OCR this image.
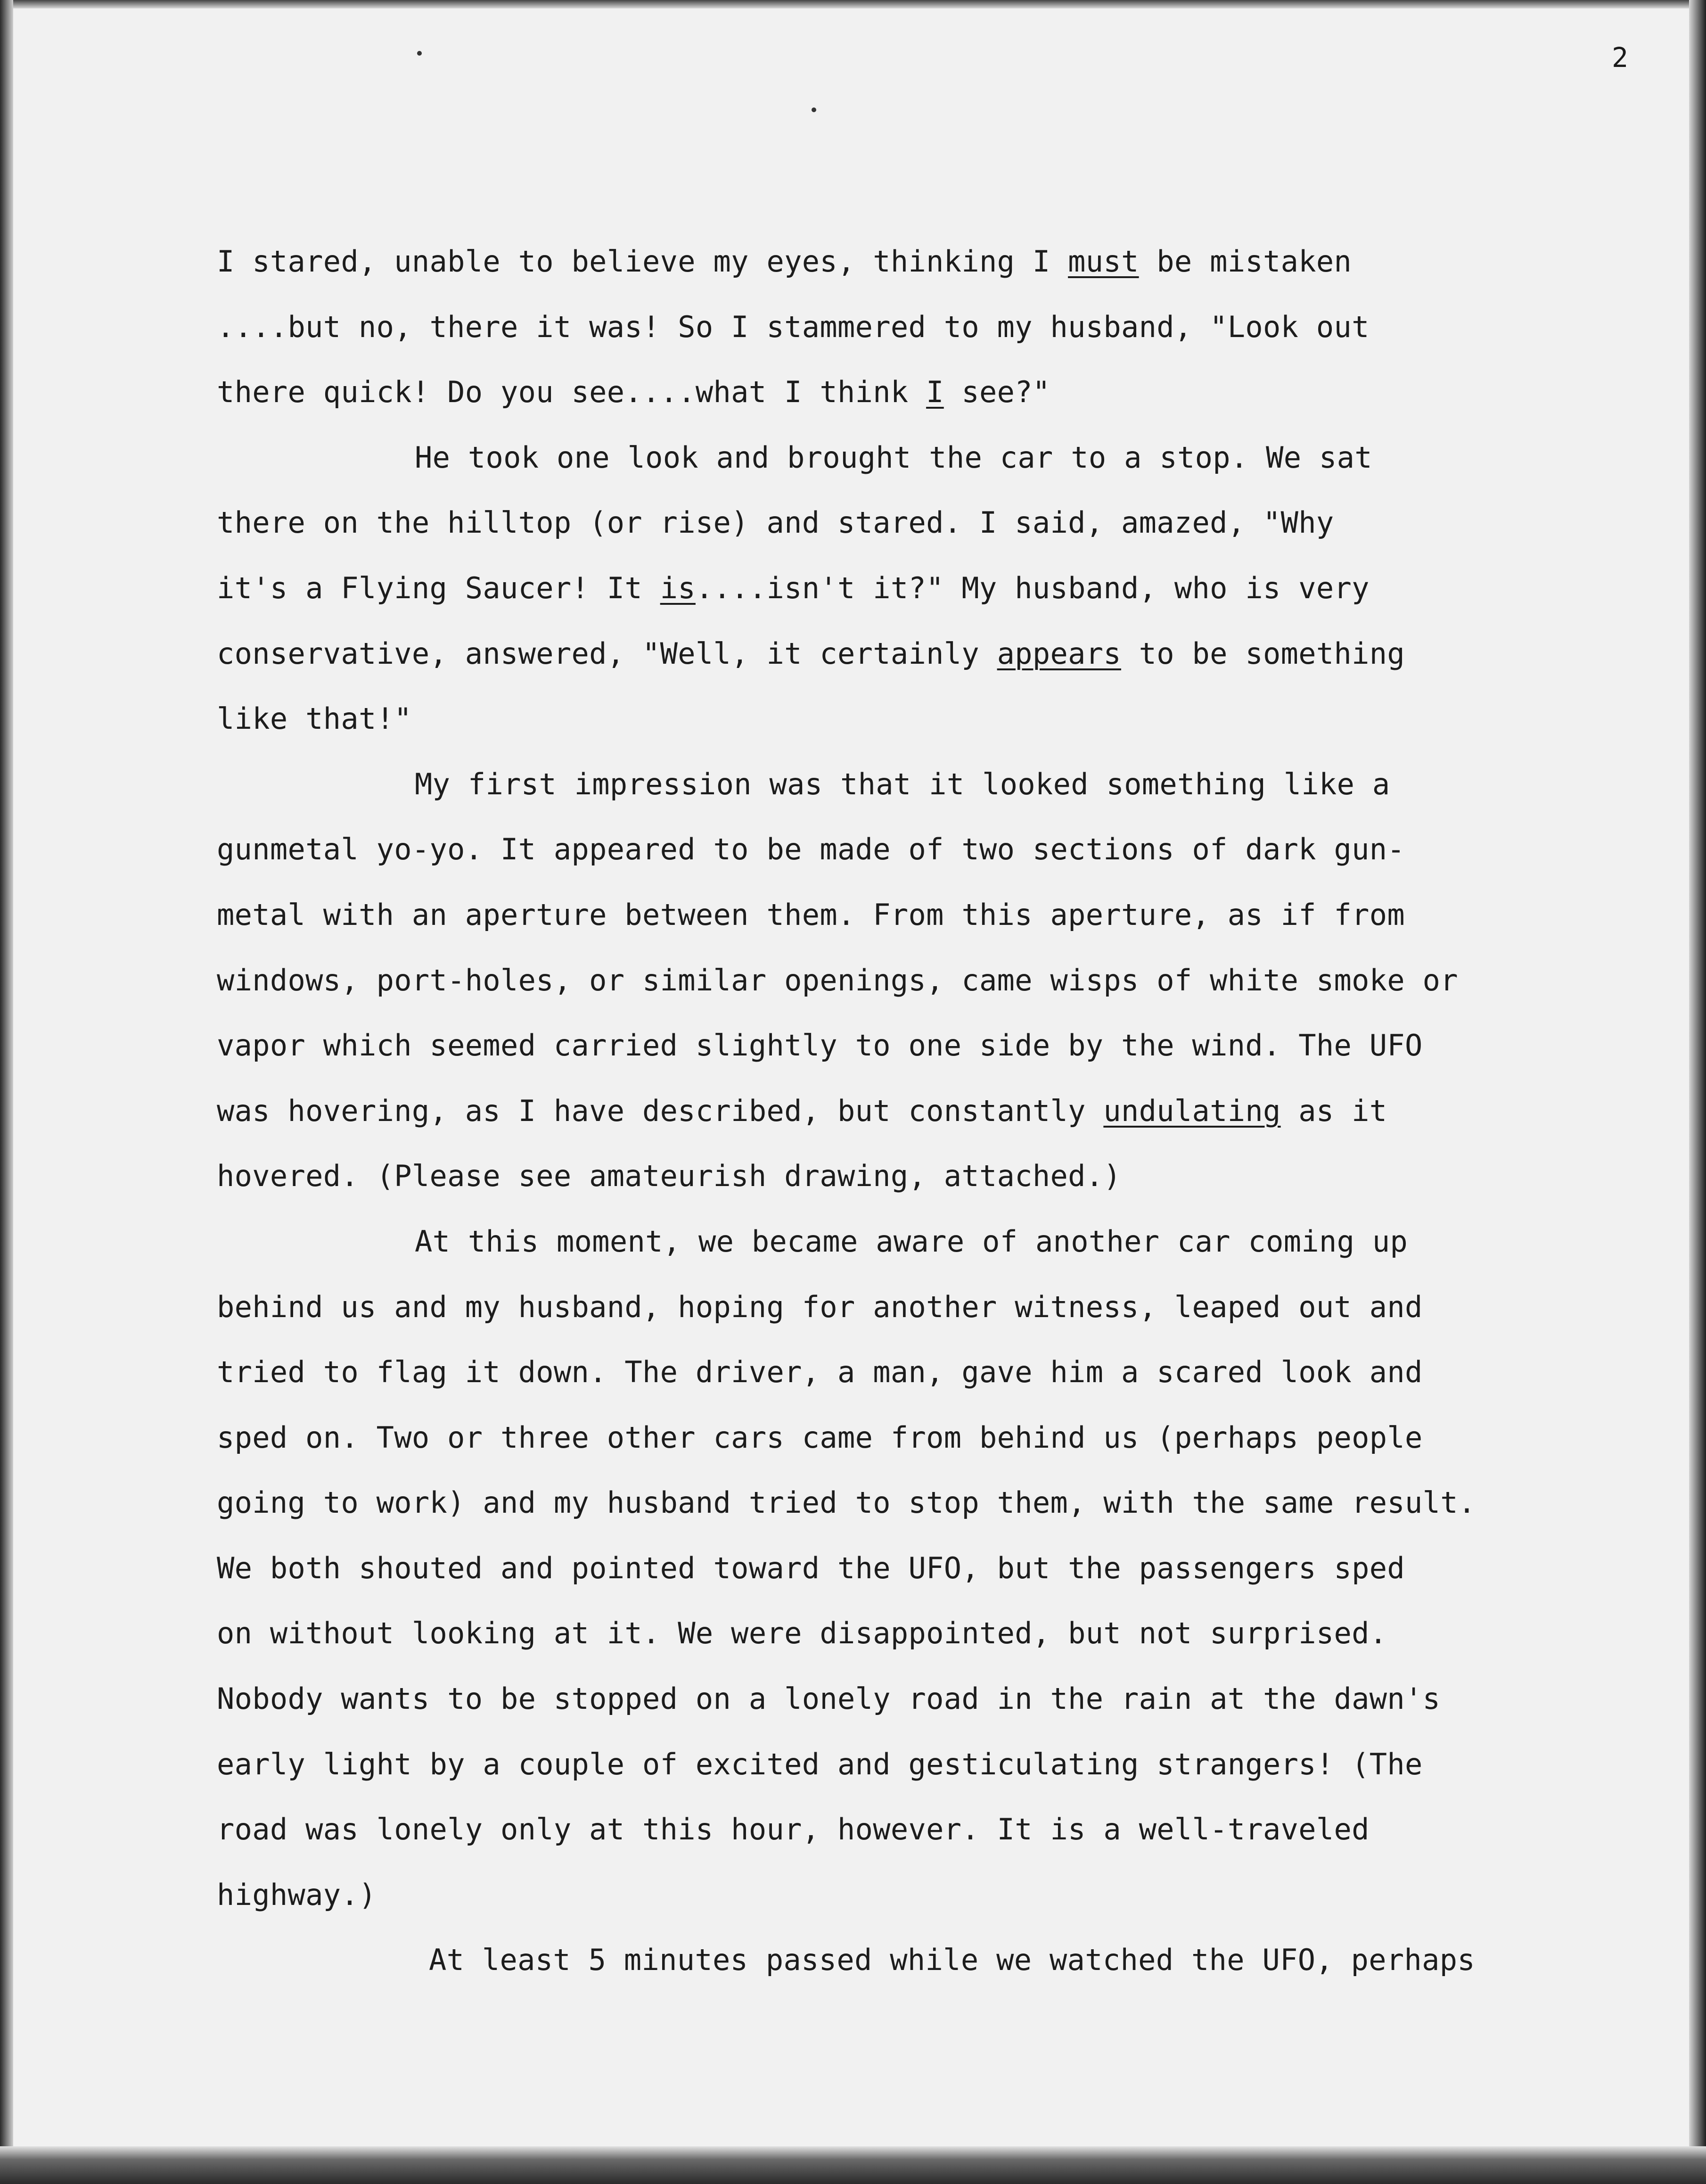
2
I stared, unable to believe my eyes, thinking I must be mistaken
....but no, there it was! So I stammered to my husband, "Look out
there quick! Do you see....what I think I see?"
He took one look and brought the car to a stop. We sat
there on the hilltop (or rise) and stared. I said, amazed, "Why
it's a Flying Saucer! It is....isn't it?" My husband, who is very
conservative, answered, "Well, it certainly appears to be something
like that!"
My first impression was that it looked something like a
gunmetal yo-yo. It appeared to be made of two sections of dark gun-
metal with an aperture between them. From this aperture, as if from
windows, port-holes, or similar openings, came wisps of white smoke or
vapor which seemed carried slightly to one side by the wind. The UFO
was hovering, as I have described, but constantly undulating as it
hovered. (Please see amateurish drawing, attached.)
At this moment, we became aware of another car coming up
behind us and my husband, hoping for another witness, leaped out and
tried to flag it down. The driver, a man, gave him a scared look and
sped on. Two or three other cars came from behind us (perhaps people
going to work) and my husband tried to stop them, with the same result.
We both shouted and pointed toward the UFO, but the passengers sped
on without looking at it. We were disappointed, but not surprised.
Nobody wants to be stopped on a lonely road in the rain at the dawn's
early light by a couple of excited and gesticulating strangers! (The
road was lonely only at this hour, however. It is a well-traveled
highway.)
At least 5 minutes passed while we watched the UFO, perhaps
